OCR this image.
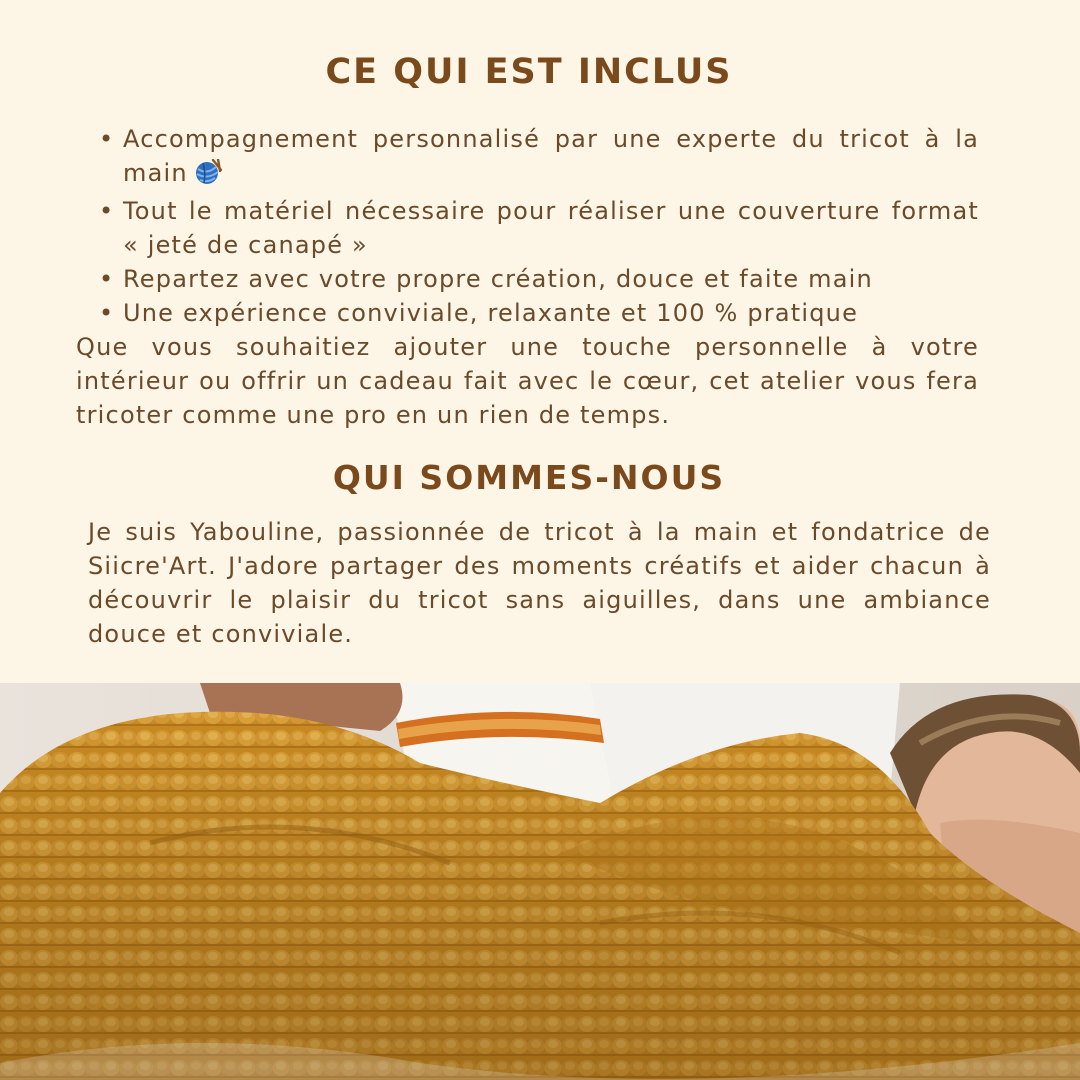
CE QUI EST INCLUS
• Accompagnement personnalisé par une experte du tricot à la main
• Tout le matériel nécessaire pour réaliser une couverture format « jeté de canapé »
• Repartez avec votre propre création, douce et faite main
• Une expérience conviviale, relaxante et 100 % pratique

Que vous souhaitiez ajouter une touche personnelle à votre intérieur ou offrir un cadeau fait avec le cœur, cet atelier vous fera tricoter comme une pro en un rien de temps.

QUI SOMMES-NOUS

Je suis Yabouline, passionnée de tricot à la main et fondatrice de Siicre'Art. J'adore partager des moments créatifs et aider chacun à découvrir le plaisir du tricot sans aiguilles, dans une ambiance douce et conviviale.
